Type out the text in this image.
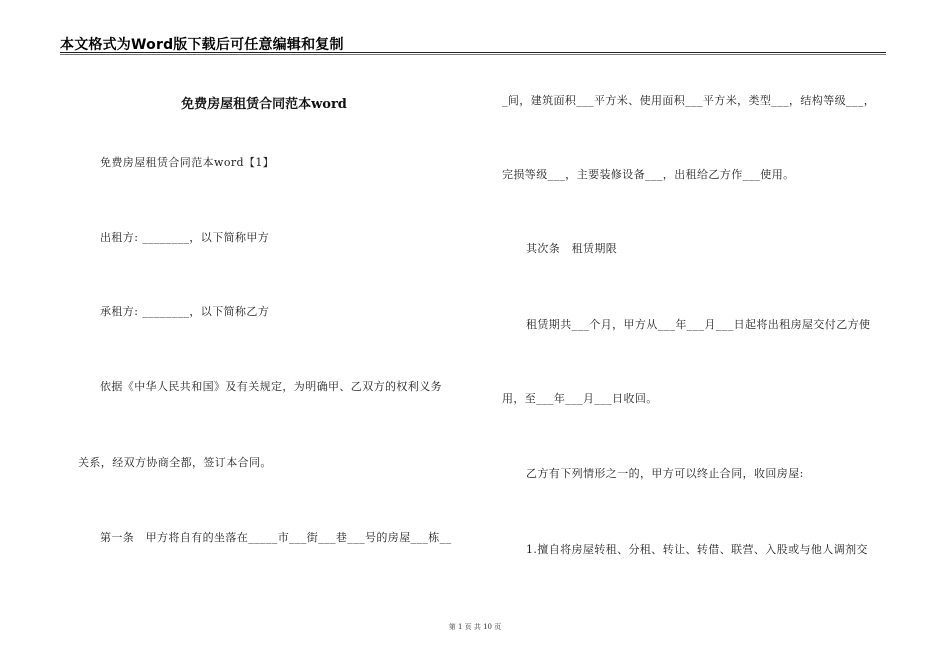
本文格式为Word版下载后可任意编辑和复制
免费房屋租赁合同范本word
免费房屋租赁合同范本word【1】
出租方: ________，以下简称甲方
承租方: ________，以下简称乙方
依据《中华人民共和国》及有关规定，为明确甲、乙双方的权利义务
关系，经双方协商全都，签订本合同。
第一条　甲方将自有的坐落在_____市___街___巷___号的房屋___栋__
_间，建筑面积___平方米、使用面积___平方米，类型___，结构等级___，
完损等级___，主要装修设备___，出租给乙方作___使用。
其次条　租赁期限
租赁期共___个月，甲方从___年___月___日起将出租房屋交付乙方使
用，至___年___月___日收回。
乙方有下列情形之一的，甲方可以终止合同，收回房屋:
1.擅自将房屋转租、分租、转让、转借、联营、入股或与他人调剂交
第 1 页 共 10 页
